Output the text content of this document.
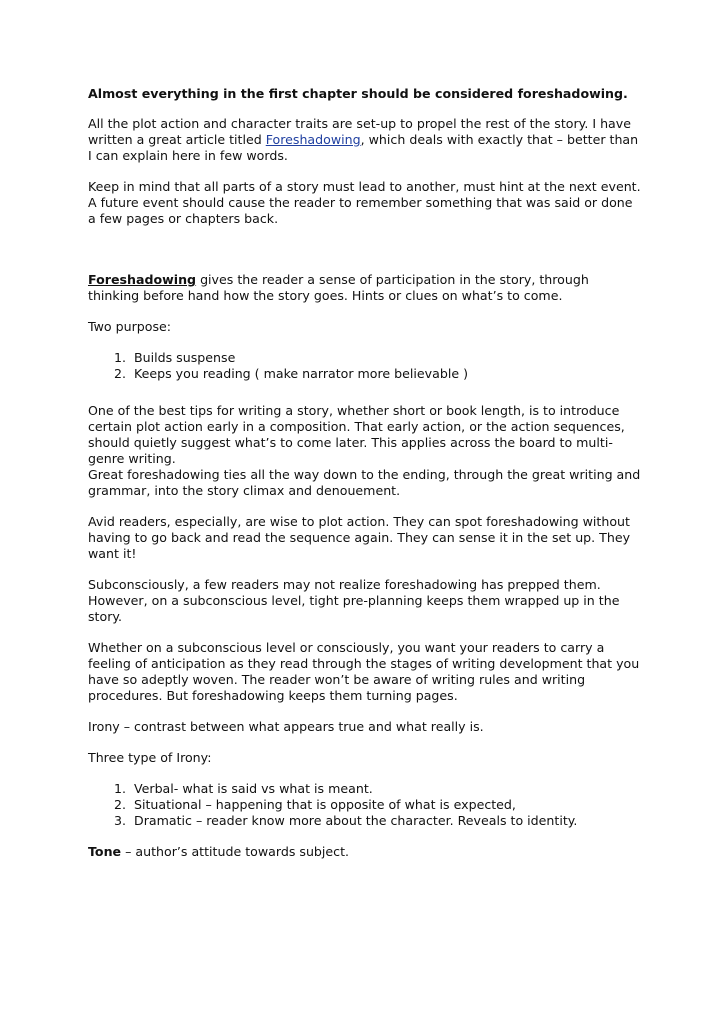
Almost everything in the first chapter should be considered foreshadowing.

All the plot action and character traits are set-up to propel the rest of the story. I have written a great article titled Foreshadowing, which deals with exactly that – better than I can explain here in few words.

Keep in mind that all parts of a story must lead to another, must hint at the next event. A future event should cause the reader to remember something that was said or done a few pages or chapters back.

Foreshadowing gives the reader a sense of participation in the story, through thinking before hand how the story goes. Hints or clues on what’s to come.

Two purpose:

1. Builds suspense
2. Keeps you reading ( make narrator more believable )

One of the best tips for writing a story, whether short or book length, is to introduce certain plot action early in a composition. That early action, or the action sequences, should quietly suggest what’s to come later. This applies across the board to multi-genre writing.

Great foreshadowing ties all the way down to the ending, through the great writing and grammar, into the story climax and denouement.

Avid readers, especially, are wise to plot action. They can spot foreshadowing without having to go back and read the sequence again. They can sense it in the set up. They want it!

Subconsciously, a few readers may not realize foreshadowing has prepped them. However, on a subconscious level, tight pre-planning keeps them wrapped up in the story.

Whether on a subconscious level or consciously, you want your readers to carry a feeling of anticipation as they read through the stages of writing development that you have so adeptly woven. The reader won’t be aware of writing rules and writing procedures. But foreshadowing keeps them turning pages.

Irony – contrast between what appears true and what really is.

Three type of Irony:

1. Verbal- what is said vs what is meant.
2. Situational – happening that is opposite of what is expected,
3. Dramatic – reader know more about the character. Reveals to identity.

Tone – author’s attitude towards subject.
